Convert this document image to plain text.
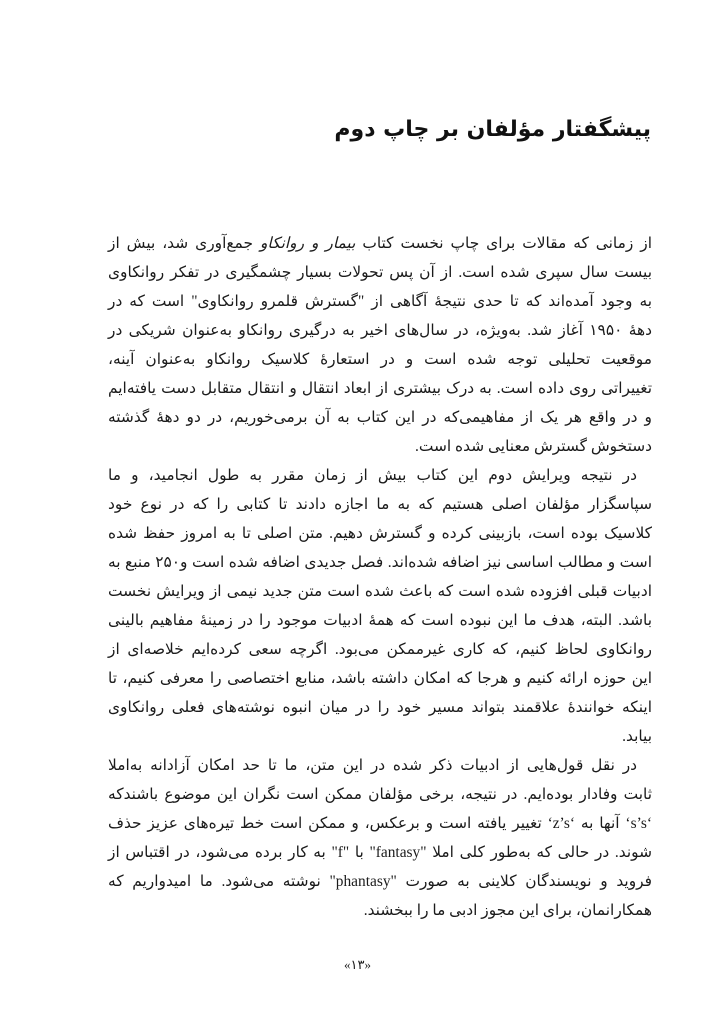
پیشگفتار مؤلفان بر چاپ دوم
از زمانی که مقالات برای چاپ نخست کتاب بیمار و روانکاو جمع‌آوری شد، بیش از
بیست سال سپری شده است. از آن پس تحولات بسیار چشمگیری در تفکر روانکاوی
به وجود آمده‌اند که تا حدی نتیجهٔ آگاهی از "گسترش قلمرو روانکاوی" است که در
دههٔ ۱۹۵۰ آغاز شد. به‌ویژه، در سال‌های اخیر به درگیری روانکاو به‌عنوان شریکی در
موقعیت تحلیلی توجه شده است و در استعارهٔ کلاسیک روانکاو به‌عنوان آینه،
تغییراتی روی داده است. به درک بیشتری از ابعاد انتقال و انتقال متقابل دست یافته‌ایم
و در واقع هر یک از مفاهیمی‌که در این کتاب به آن برمی‌خوریم، در دو دههٔ گذشته
دستخوش گسترش معنایی شده است.
در نتیجه ویرایش دوم این کتاب بیش از زمان مقرر به طول انجامید، و ما
سپاسگزار مؤلفان اصلی هستیم که به ما اجازه دادند تا کتابی را که در نوع خود
کلاسیک بوده است، بازبینی کرده و گسترش دهیم. متن اصلی تا به امروز حفظ شده
است و مطالب اساسی نیز اضافه شده‌اند. فصل جدیدی اضافه شده است و۲۵۰ منبع به
ادبیات قبلی افزوده شده است که باعث شده است متن جدید نیمی از ویرایش نخست
باشد. البته، هدف ما این نبوده است که همهٔ ادبیات موجود را در زمینهٔ مفاهیم بالینی
روانکاوی لحاظ کنیم، که کاری غیرممکن می‌بود. اگرچه سعی کرده‌ایم خلاصه‌ای از
این حوزه ارائه کنیم و هرجا که امکان داشته باشد، منابع اختصاصی را معرفی کنیم، تا
اینکه خوانندهٔ علاقمند بتواند مسیر خود را در میان انبوه نوشته‌های فعلی روانکاوی
بیابد.
در نقل قول‌هایی از ادبیات ذکر شده در این متن، ما تا حد امکان آزادانه به‌املا
ثابت وفادار بوده‌ایم. در نتیجه، برخی مؤلفان ممکن است نگران این موضوع باشندکه
‘s’s‘ آنها به ‘z’s‘ تغییر یافته است و برعکس، و ممکن است خط تیره‌های عزیز حذف
شوند. در حالی که به‌طور کلی املا "fantasy" با "f" به کار برده می‌شود، در اقتباس از
فروید و نویسندگان کلاینی به صورت "phantasy" نوشته می‌شود. ما امیدواریم که
همکارانمان، برای این مجوز ادبی ما را ببخشند.
«۱۳»
